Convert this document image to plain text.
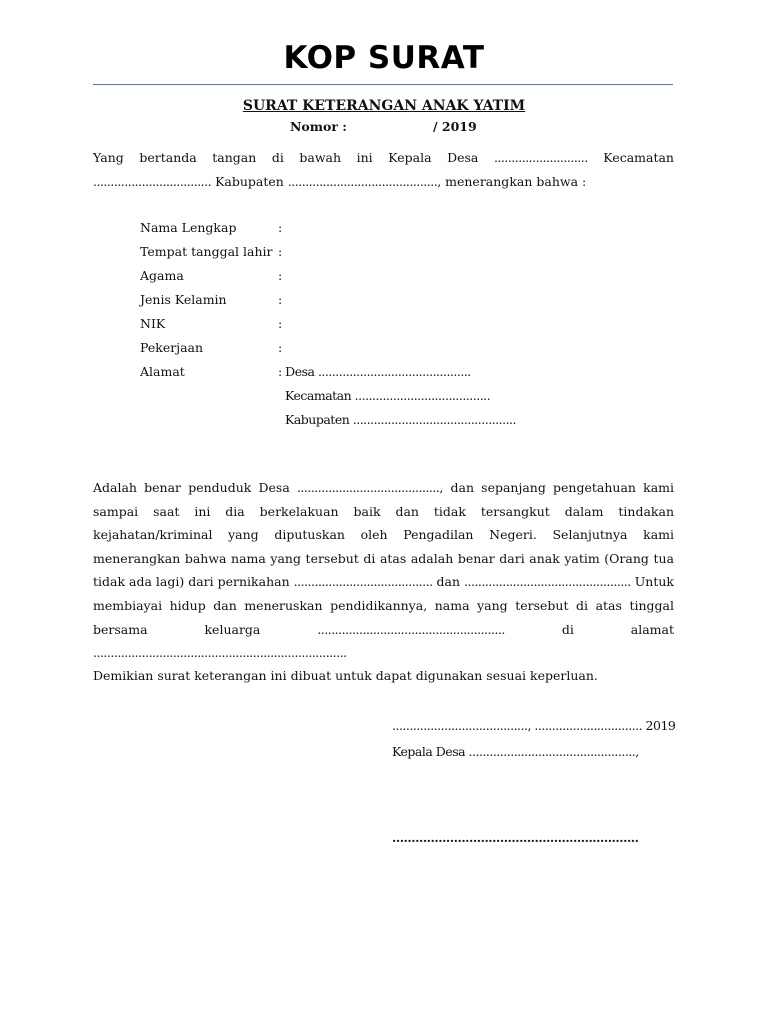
KOP SURAT
SURAT KETERANGAN ANAK YATIM
Nomor :	/ 2019

Yang bertanda tangan di bawah ini Kepala Desa ........................... Kecamatan .................................. Kabupaten ..........................................., menerangkan bahwa :

Nama Lengkap	:
Tempat tanggal lahir :
Agama	:
Jenis Kelamin	:
NIK	:
Pekerjaan	:
Alamat	: Desa ............................................
Kecamatan .......................................
Kabupaten ...............................................

Adalah benar penduduk Desa ........................................., dan sepanjang pengetahuan kami sampai saat ini dia berkelakuan baik dan tidak tersangkut dalam tindakan kejahatan/kriminal yang diputuskan oleh Pengadilan Negeri. Selanjutnya kami menerangkan bahwa nama yang tersebut di atas adalah benar dari anak yatim (Orang tua tidak ada lagi) dari pernikahan ........................................ dan ................................................ Untuk membiayai hidup dan meneruskan pendidikannya, nama yang tersebut di atas tinggal bersama keluarga ...................................................... di alamat .........................................................................

Demikian surat keterangan ini dibuat untuk dapat digunakan sesuai keperluan.

......................................., ............................... 2019
Kepala Desa ................................................,
................................................................
